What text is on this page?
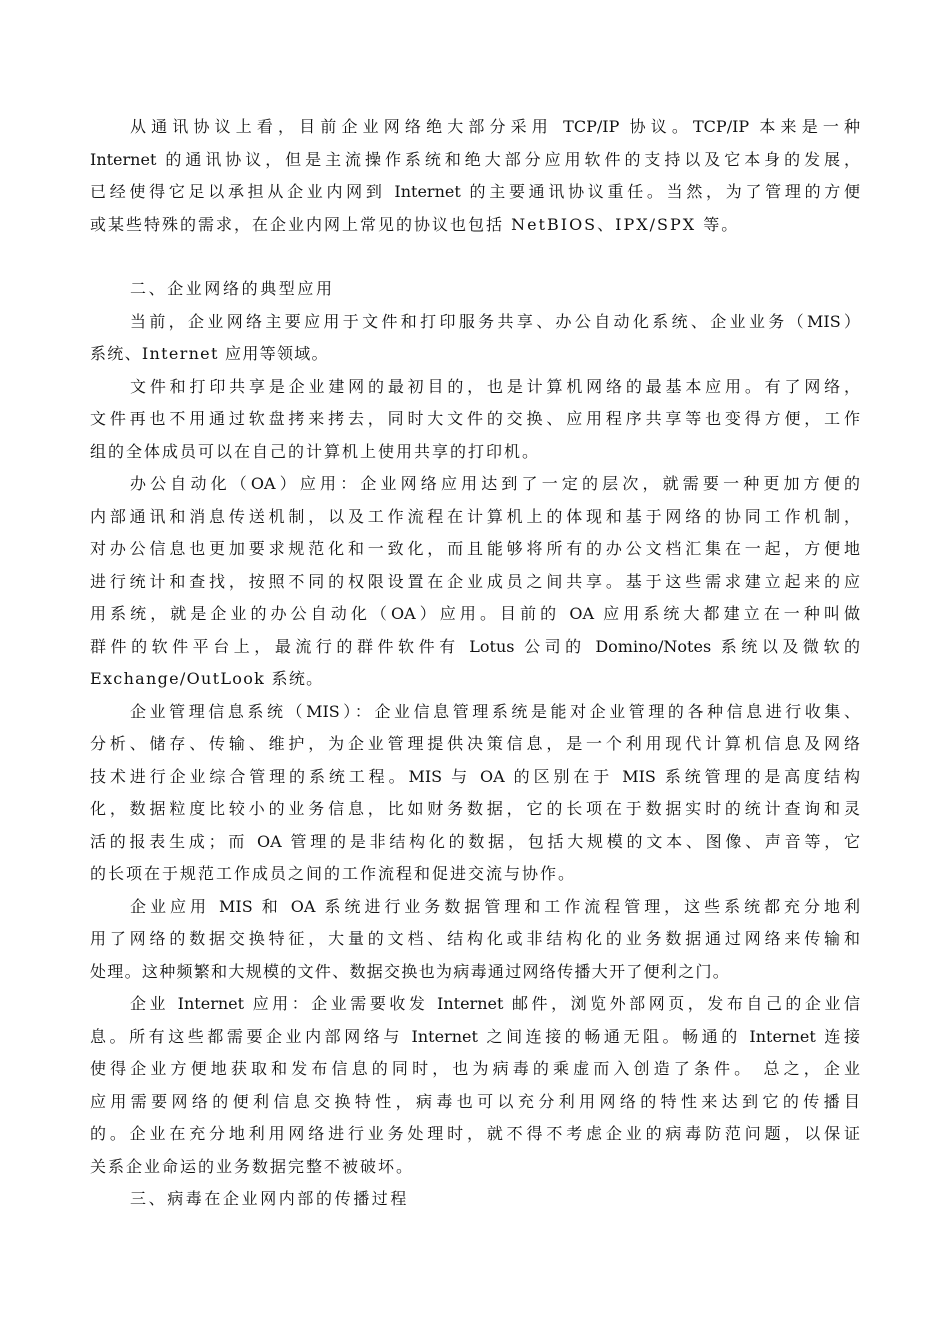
从通讯协议上看，目前企业网络绝大部分采用 TCP/IP 协议。TCP/IP 本来是一种
Internet 的通讯协议，但是主流操作系统和绝大部分应用软件的支持以及它本身的发展，
已经使得它足以承担从企业内网到 Internet 的主要通讯协议重任。当然，为了管理的方便
或某些特殊的需求，在企业内网上常见的协议也包括 NetBIOS、IPX/SPX 等。
二、企业网络的典型应用
当前，企业网络主要应用于文件和打印服务共享、办公自动化系统、企业业务（MIS）
系统、Internet 应用等领域。
文件和打印共享是企业建网的最初目的，也是计算机网络的最基本应用。有了网络，
文件再也不用通过软盘拷来拷去，同时大文件的交换、应用程序共享等也变得方便，工作
组的全体成员可以在自己的计算机上使用共享的打印机。
办公自动化（OA）应用：企业网络应用达到了一定的层次，就需要一种更加方便的
内部通讯和消息传送机制，以及工作流程在计算机上的体现和基于网络的协同工作机制，
对办公信息也更加要求规范化和一致化，而且能够将所有的办公文档汇集在一起，方便地
进行统计和查找，按照不同的权限设置在企业成员之间共享。基于这些需求建立起来的应
用系统，就是企业的办公自动化（OA）应用。目前的 OA 应用系统大都建立在一种叫做
群件的软件平台上，最流行的群件软件有 Lotus 公司的 Domino/Notes 系统以及微软的
Exchange/OutLook 系统。
企业管理信息系统（MIS）：企业信息管理系统是能对企业管理的各种信息进行收集、
分析、储存、传输、维护，为企业管理提供决策信息，是一个利用现代计算机信息及网络
技术进行企业综合管理的系统工程。MIS 与 OA 的区别在于 MIS 系统管理的是高度结构
化，数据粒度比较小的业务信息，比如财务数据，它的长项在于数据实时的统计查询和灵
活的报表生成；而 OA 管理的是非结构化的数据，包括大规模的文本、图像、声音等，它
的长项在于规范工作成员之间的工作流程和促进交流与协作。
企业应用 MIS 和 OA 系统进行业务数据管理和工作流程管理，这些系统都充分地利
用了网络的数据交换特征，大量的文档、结构化或非结构化的业务数据通过网络来传输和
处理。这种频繁和大规模的文件、数据交换也为病毒通过网络传播大开了便利之门。
企业 Internet 应用：企业需要收发 Internet 邮件，浏览外部网页，发布自己的企业信
息。所有这些都需要企业内部网络与 Internet 之间连接的畅通无阻。畅通的 Internet 连接
使得企业方便地获取和发布信息的同时，也为病毒的乘虚而入创造了条件。 总之，企业
应用需要网络的便利信息交换特性，病毒也可以充分利用网络的特性来达到它的传播目
的。企业在充分地利用网络进行业务处理时，就不得不考虑企业的病毒防范问题，以保证
关系企业命运的业务数据完整不被破坏。
三、病毒在企业网内部的传播过程
